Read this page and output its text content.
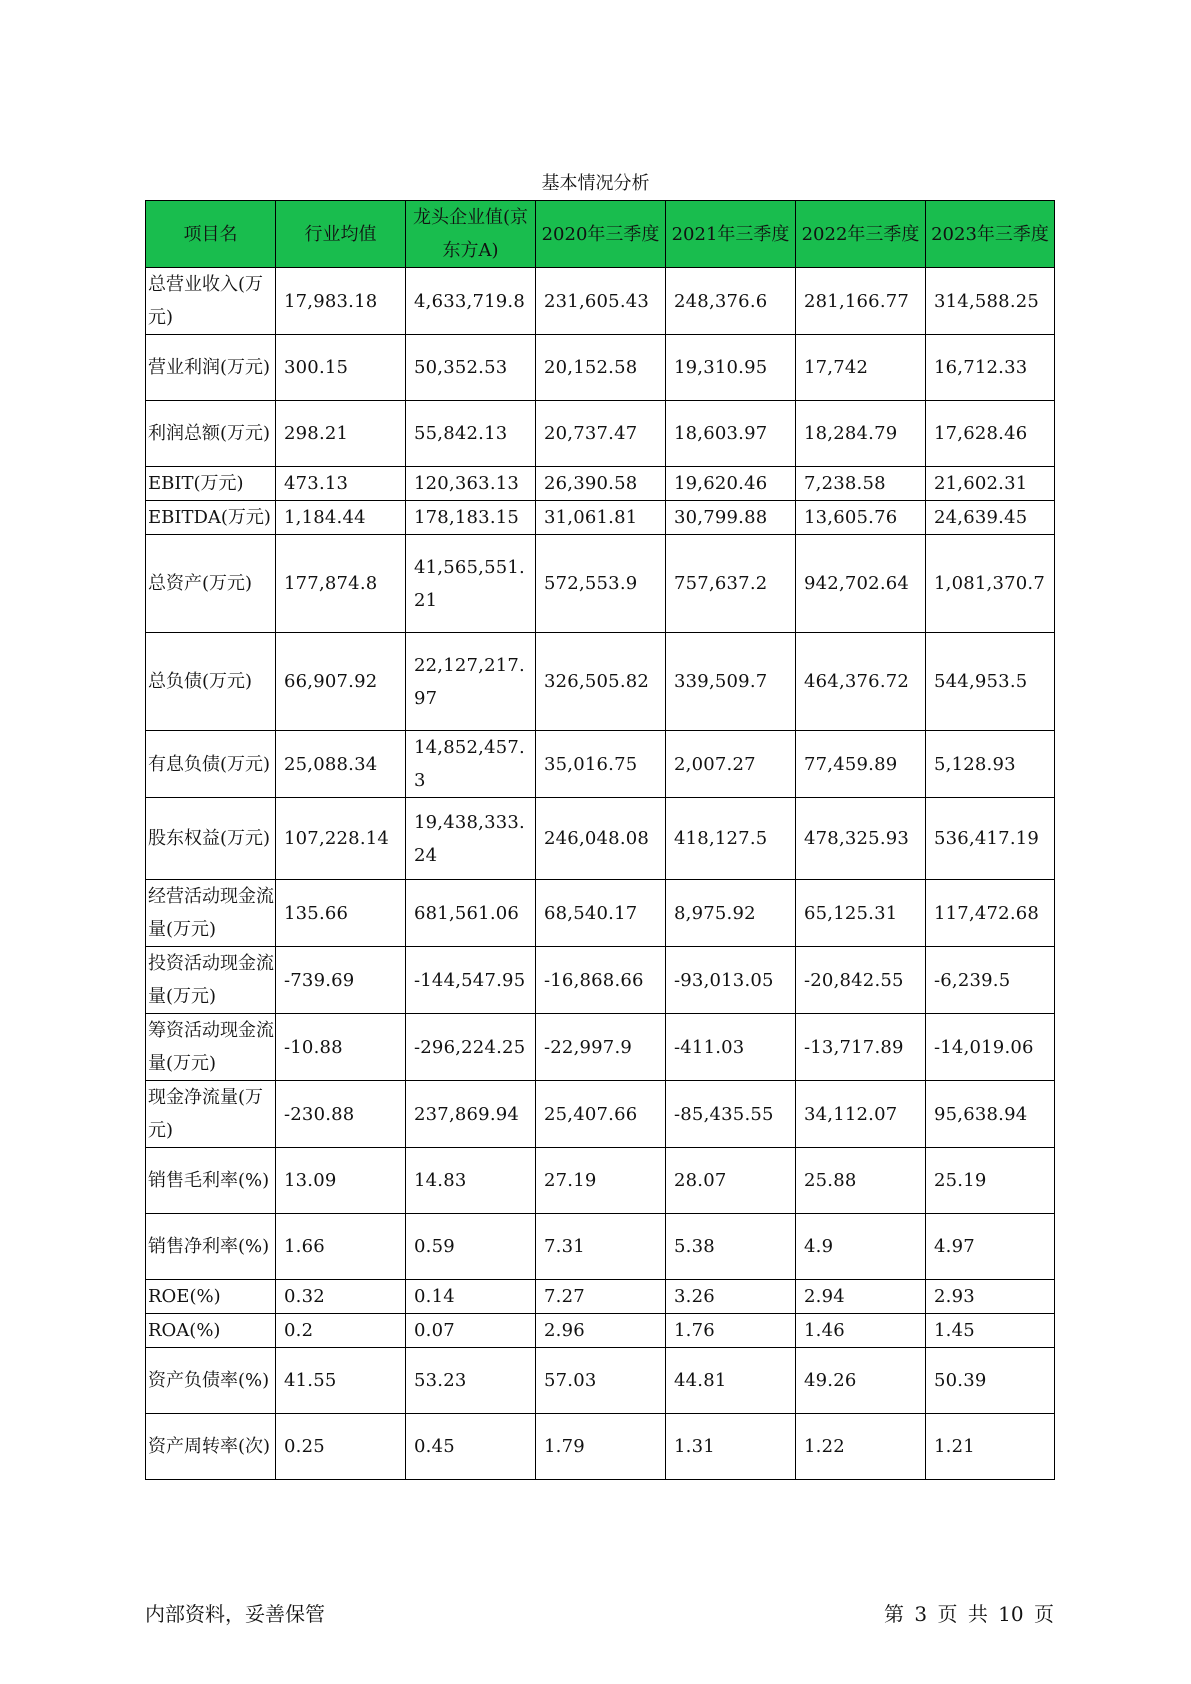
基本情况分析
项目名	行业均值	龙头企业值(京东方A)	2020年三季度	2021年三季度	2022年三季度	2023年三季度
总营业收入(万元)	17,983.18	4,633,719.8	231,605.43	248,376.6	281,166.77	314,588.25
营业利润(万元)	300.15	50,352.53	20,152.58	19,310.95	17,742	16,712.33
利润总额(万元)	298.21	55,842.13	20,737.47	18,603.97	18,284.79	17,628.46
EBIT(万元)	473.13	120,363.13	26,390.58	19,620.46	7,238.58	21,602.31
EBITDA(万元)	1,184.44	178,183.15	31,061.81	30,799.88	13,605.76	24,639.45
总资产(万元)	177,874.8	41,565,551.21	572,553.9	757,637.2	942,702.64	1,081,370.7
总负债(万元)	66,907.92	22,127,217.97	326,505.82	339,509.7	464,376.72	544,953.5
有息负债(万元)	25,088.34	14,852,457.3	35,016.75	2,007.27	77,459.89	5,128.93
股东权益(万元)	107,228.14	19,438,333.24	246,048.08	418,127.5	478,325.93	536,417.19
经营活动现金流量(万元)	135.66	681,561.06	68,540.17	8,975.92	65,125.31	117,472.68
投资活动现金流量(万元)	-739.69	-144,547.95	-16,868.66	-93,013.05	-20,842.55	-6,239.5
筹资活动现金流量(万元)	-10.88	-296,224.25	-22,997.9	-411.03	-13,717.89	-14,019.06
现金净流量(万元)	-230.88	237,869.94	25,407.66	-85,435.55	34,112.07	95,638.94
销售毛利率(%)	13.09	14.83	27.19	28.07	25.88	25.19
销售净利率(%)	1.66	0.59	7.31	5.38	4.9	4.97
ROE(%)	0.32	0.14	7.27	3.26	2.94	2.93
ROA(%)	0.2	0.07	2.96	1.76	1.46	1.45
资产负债率(%)	41.55	53.23	57.03	44.81	49.26	50.39
资产周转率(次)	0.25	0.45	1.79	1.31	1.22	1.21

内部资料，妥善保管	第 3 页 共 10 页
